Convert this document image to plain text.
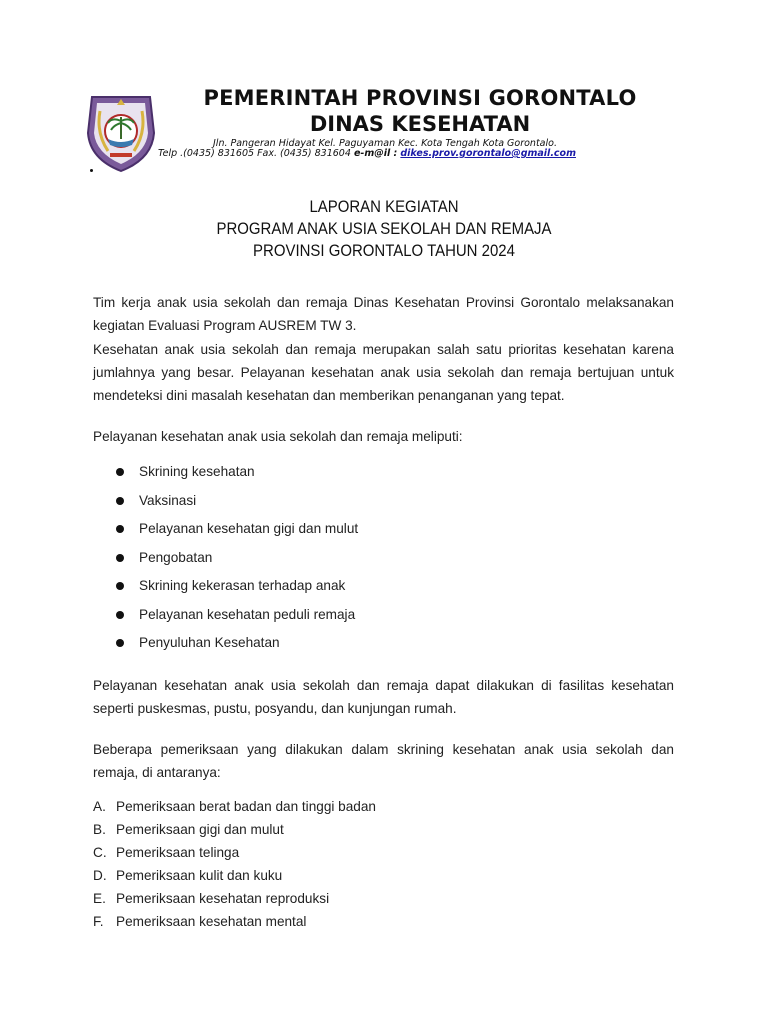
PEMERINTAH PROVINSI GORONTALO
DINAS KESEHATAN
Jln. Pangeran Hidayat Kel. Paguyaman Kec. Kota Tengah Kota Gorontalo.
Telp .(0435) 831605 Fax. (0435) 831604 e-m@il : dikes.prov.gorontalo@gmail.com
LAPORAN KEGIATAN
PROGRAM ANAK USIA SEKOLAH DAN REMAJA
PROVINSI GORONTALO TAHUN 2024
Tim kerja anak usia sekolah dan remaja Dinas Kesehatan Provinsi Gorontalo melaksanakan kegiatan Evaluasi Program AUSREM TW 3.
Kesehatan anak usia sekolah dan remaja merupakan salah satu prioritas kesehatan karena jumlahnya yang besar. Pelayanan kesehatan anak usia sekolah dan remaja bertujuan untuk mendeteksi dini masalah kesehatan dan memberikan penanganan yang tepat.
Pelayanan kesehatan anak usia sekolah dan remaja meliputi:
Skrining kesehatan
Vaksinasi
Pelayanan kesehatan gigi dan mulut
Pengobatan
Skrining kekerasan terhadap anak
Pelayanan kesehatan peduli remaja
Penyuluhan Kesehatan
Pelayanan kesehatan anak usia sekolah dan remaja dapat dilakukan di fasilitas kesehatan seperti puskesmas, pustu, posyandu, dan kunjungan rumah.
Beberapa pemeriksaan yang dilakukan dalam skrining kesehatan anak usia sekolah dan remaja, di antaranya:
A. Pemeriksaan berat badan dan tinggi badan
B. Pemeriksaan gigi dan mulut
C. Pemeriksaan telinga
D. Pemeriksaan kulit dan kuku
E. Pemeriksaan kesehatan reproduksi
F. Pemeriksaan kesehatan mental
